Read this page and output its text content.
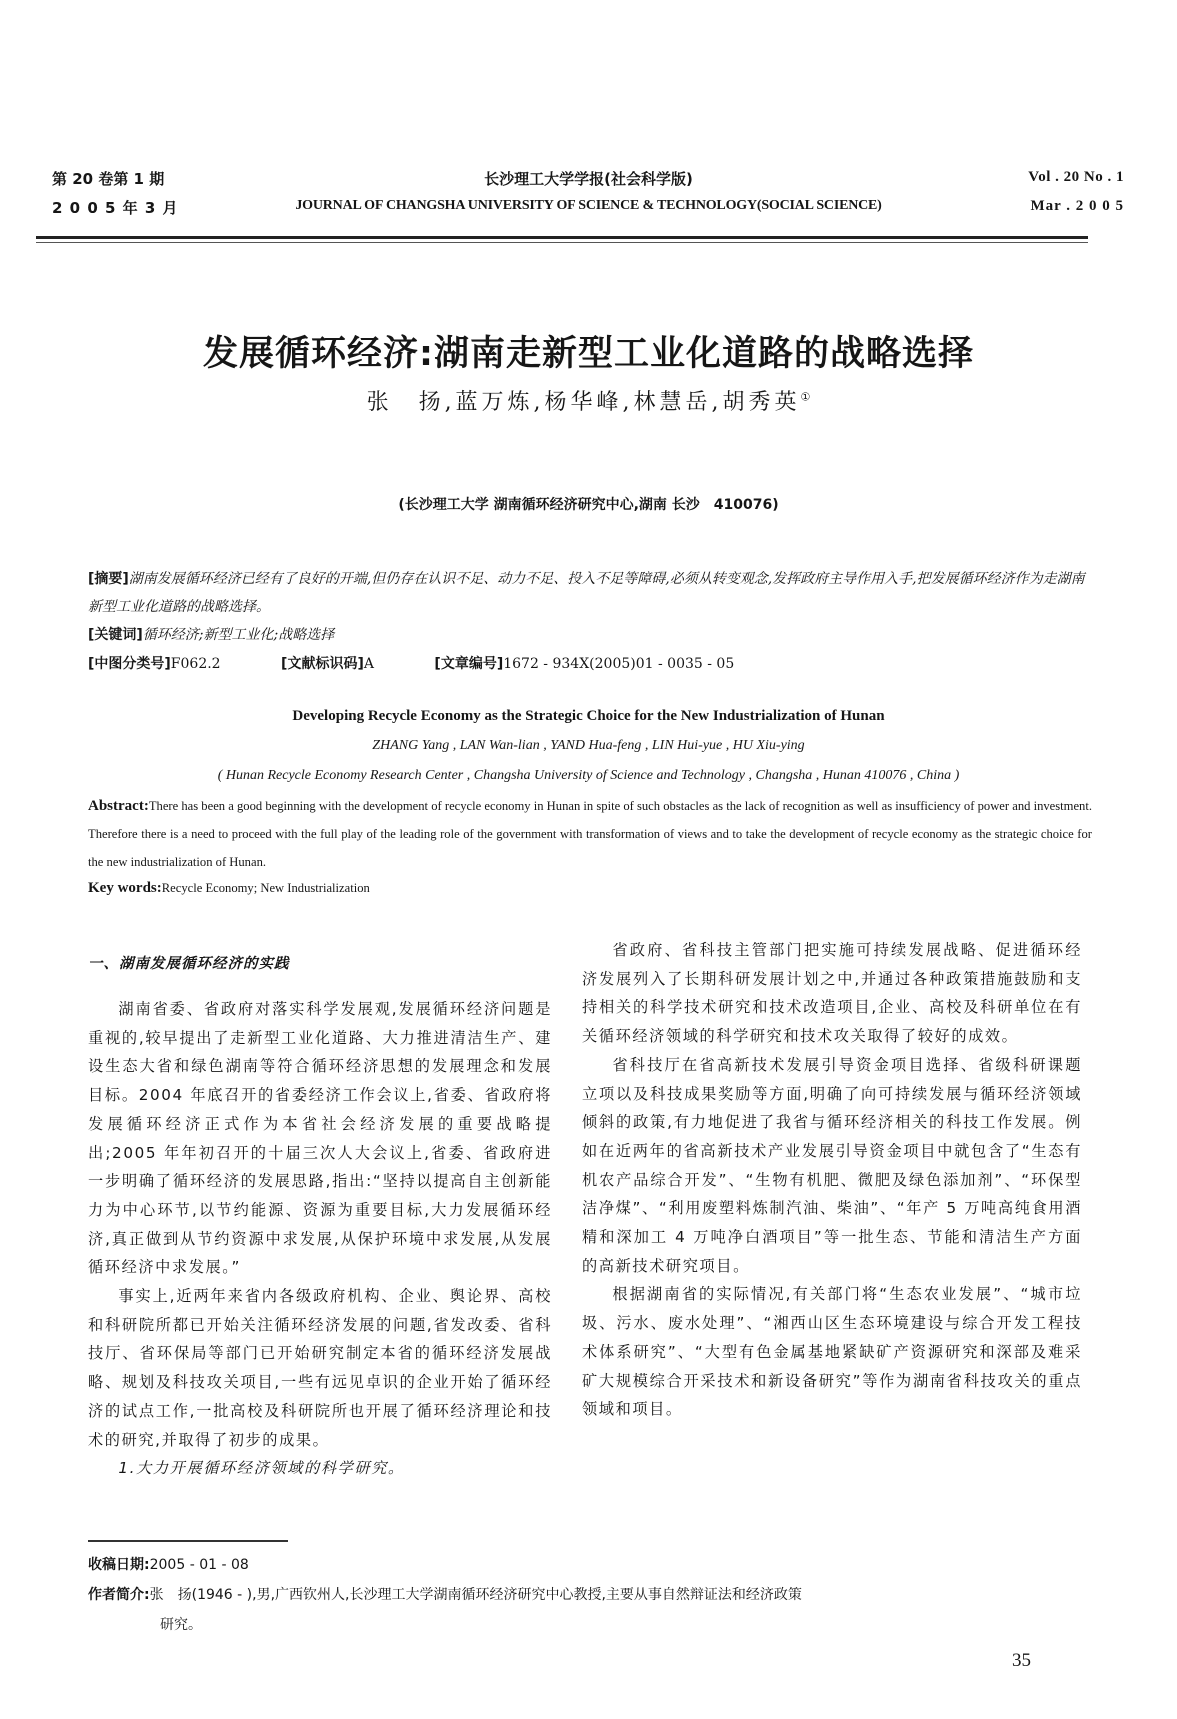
第 20 卷第 1 期
2 0 0 5 年 3 月
长沙理工大学学报(社会科学版)
JOURNAL OF CHANGSHA UNIVERSITY OF SCIENCE & TECHNOLOGY(SOCIAL SCIENCE)
Vol . 20 No . 1
Mar . 2 0 0 5
发展循环经济:湖南走新型工业化道路的战略选择
张　扬,蓝万炼,杨华峰,林慧岳,胡秀英①
(长沙理工大学 湖南循环经济研究中心,湖南 长沙　410076)
[摘要]湖南发展循环经济已经有了良好的开端,但仍存在认识不足、动力不足、投入不足等障碍,必须从转变观念,发挥政府主导作用入手,把发展循环经济作为走湖南新型工业化道路的战略选择。
[关键词]循环经济;新型工业化;战略选择
[中图分类号]F062.2	[文献标识码]A	[文章编号]1672 - 934X(2005)01 - 0035 - 05
Developing Recycle Economy as the Strategic Choice for the New Industrialization of Hunan
ZHANG Yang , LAN Wan-lian , YAND Hua-feng , LIN Hui-yue , HU Xiu-ying
( Hunan Recycle Economy Research Center , Changsha University of Science and Technology , Changsha , Hunan 410076 , China )
Abstract:There has been a good beginning with the development of recycle economy in Hunan in spite of such obstacles as the lack of recognition as well as insufficiency of power and investment. Therefore there is a need to proceed with the full play of the leading role of the government with transformation of views and to take the development of recycle economy as the strategic choice for the new industrialization of Hunan.
Key words:Recycle Economy; New Industrialization
一、湖南发展循环经济的实践

湖南省委、省政府对落实科学发展观,发展循环经济问题是重视的,较早提出了走新型工业化道路、大力推进清洁生产、建设生态大省和绿色湖南等符合循环经济思想的发展理念和发展目标。2004 年底召开的省委经济工作会议上,省委、省政府将发展循环经济正式作为本省社会经济发展的重要战略提出;2005 年年初召开的十届三次人大会议上,省委、省政府进一步明确了循环经济的发展思路,指出:“坚持以提高自主创新能力为中心环节,以节约能源、资源为重要目标,大力发展循环经济,真正做到从节约资源中求发展,从保护环境中求发展,从发展循环经济中求发展。”

事实上,近两年来省内各级政府机构、企业、舆论界、高校和科研院所都已开始关注循环经济发展的问题,省发改委、省科技厅、省环保局等部门已开始研究制定本省的循环经济发展战略、规划及科技攻关项目,一些有远见卓识的企业开始了循环经济的试点工作,一批高校及科研院所也开展了循环经济理论和技术的研究,并取得了初步的成果。

1.大力开展循环经济领域的科学研究。

省政府、省科技主管部门把实施可持续发展战略、促进循环经济发展列入了长期科研发展计划之中,并通过各种政策措施鼓励和支持相关的科学技术研究和技术改造项目,企业、高校及科研单位在有关循环经济领域的科学研究和技术攻关取得了较好的成效。

省科技厅在省高新技术发展引导资金项目选择、省级科研课题立项以及科技成果奖励等方面,明确了向可持续发展与循环经济领域倾斜的政策,有力地促进了我省与循环经济相关的科技工作发展。例如在近两年的省高新技术产业发展引导资金项目中就包含了“生态有机农产品综合开发”、“生物有机肥、微肥及绿色添加剂”、“环保型洁净煤”、“利用废塑料炼制汽油、柴油”、“年产 5 万吨高纯食用酒精和深加工 4 万吨净白酒项目”等一批生态、节能和清洁生产方面的高新技术研究项目。

根据湖南省的实际情况,有关部门将“生态农业发展”、“城市垃圾、污水、废水处理”、“湘西山区生态环境建设与综合开发工程技术体系研究”、“大型有色金属基地紧缺矿产资源研究和深部及难采矿大规模综合开采技术和新设备研究”等作为湖南省科技攻关的重点领域和项目。

收稿日期:2005 - 01 - 08
作者简介:张　扬(1946 - ),男,广西钦州人,长沙理工大学湖南循环经济研究中心教授,主要从事自然辩证法和经济政策
研究。
35
